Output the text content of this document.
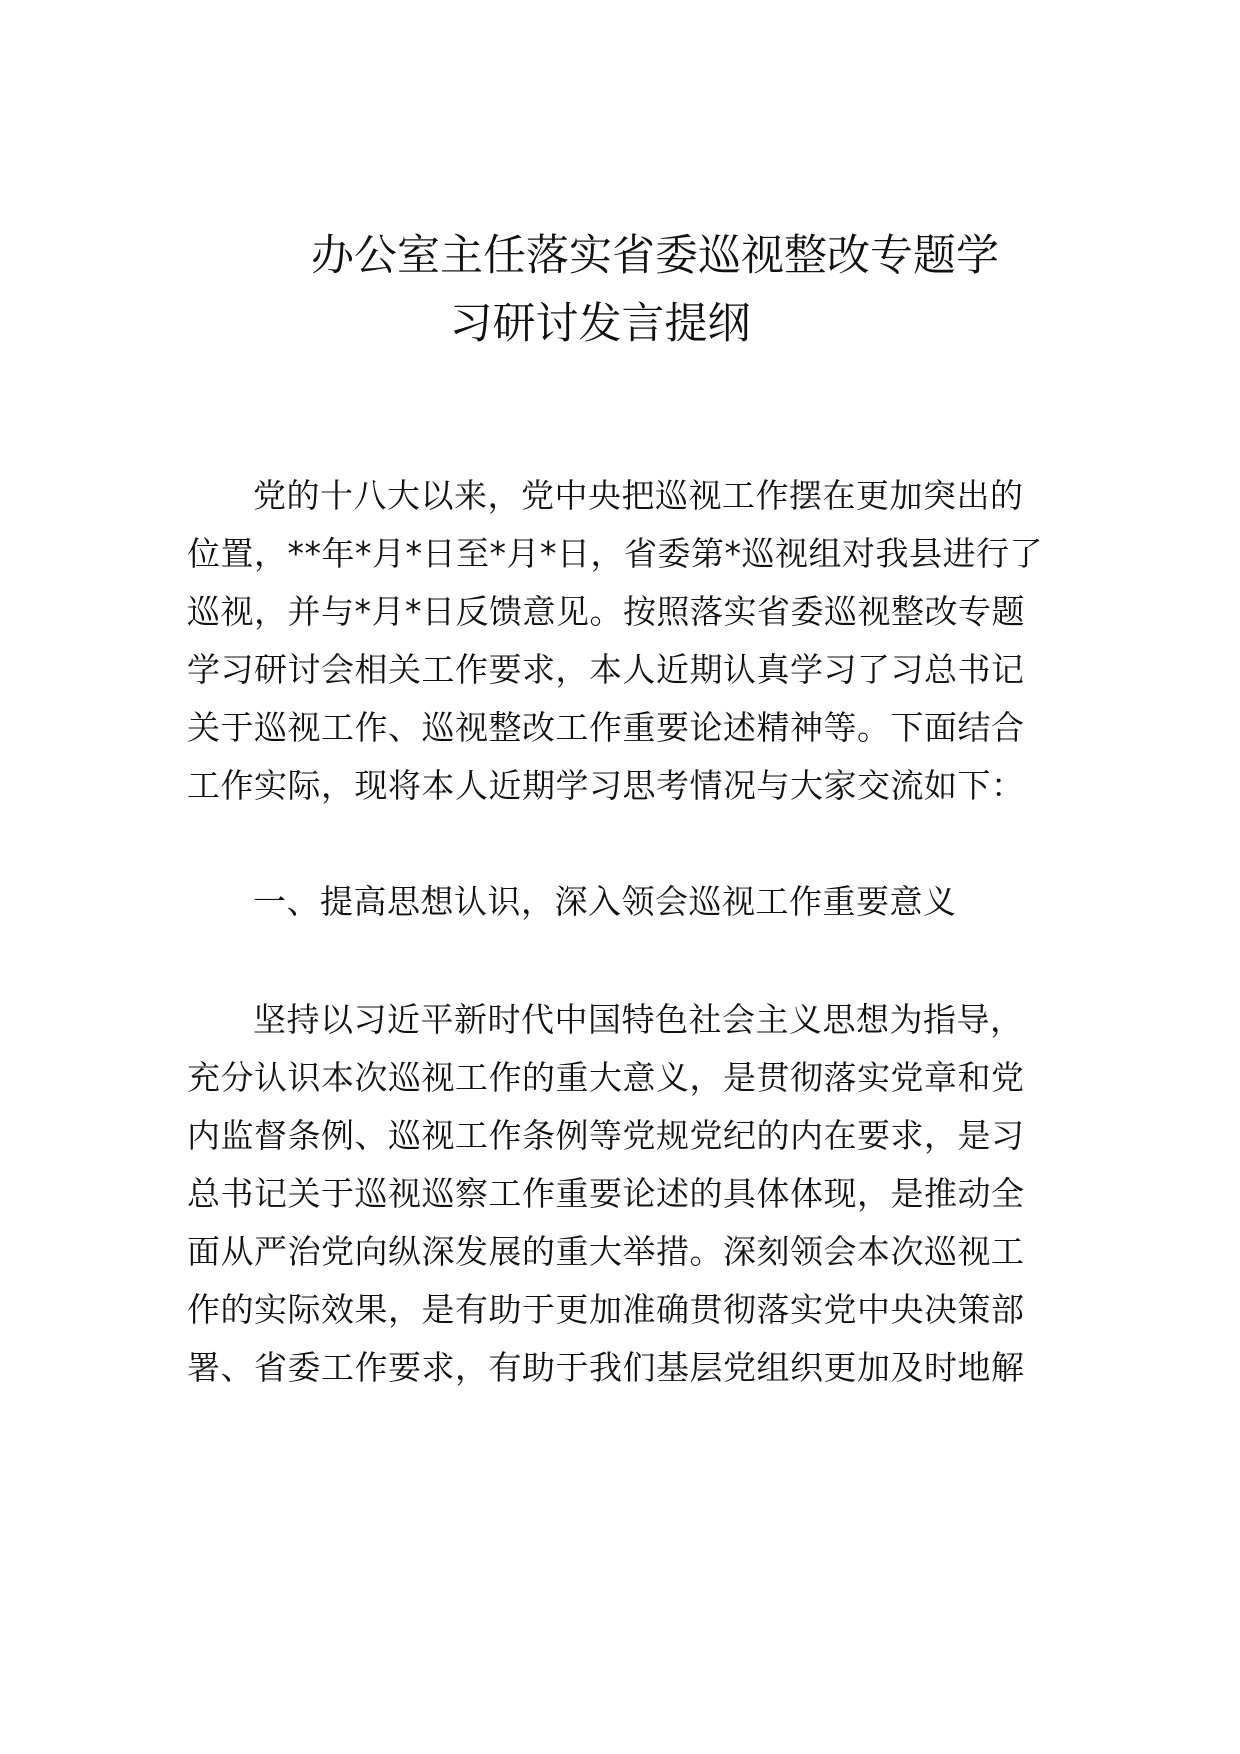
办公室主任落实省委巡视整改专题学
习研讨发言提纲

党的十八大以来，党中央把巡视工作摆在更加突出的

位置，**年*月*日至*月*日，省委第*巡视组对我县进行了

巡视，并与*月*日反馈意见。按照落实省委巡视整改专题

学习研讨会相关工作要求，本人近期认真学习了习总书记

关于巡视工作、巡视整改工作重要论述精神等。下面结合

工作实际，现将本人近期学习思考情况与大家交流如下：

一、提高思想认识，深入领会巡视工作重要意义

坚持以习近平新时代中国特色社会主义思想为指导，

充分认识本次巡视工作的重大意义，是贯彻落实党章和党

内监督条例、巡视工作条例等党规党纪的内在要求，是习

总书记关于巡视巡察工作重要论述的具体体现，是推动全

面从严治党向纵深发展的重大举措。深刻领会本次巡视工

作的实际效果，是有助于更加准确贯彻落实党中央决策部

署、省委工作要求，有助于我们基层党组织更加及时地解
